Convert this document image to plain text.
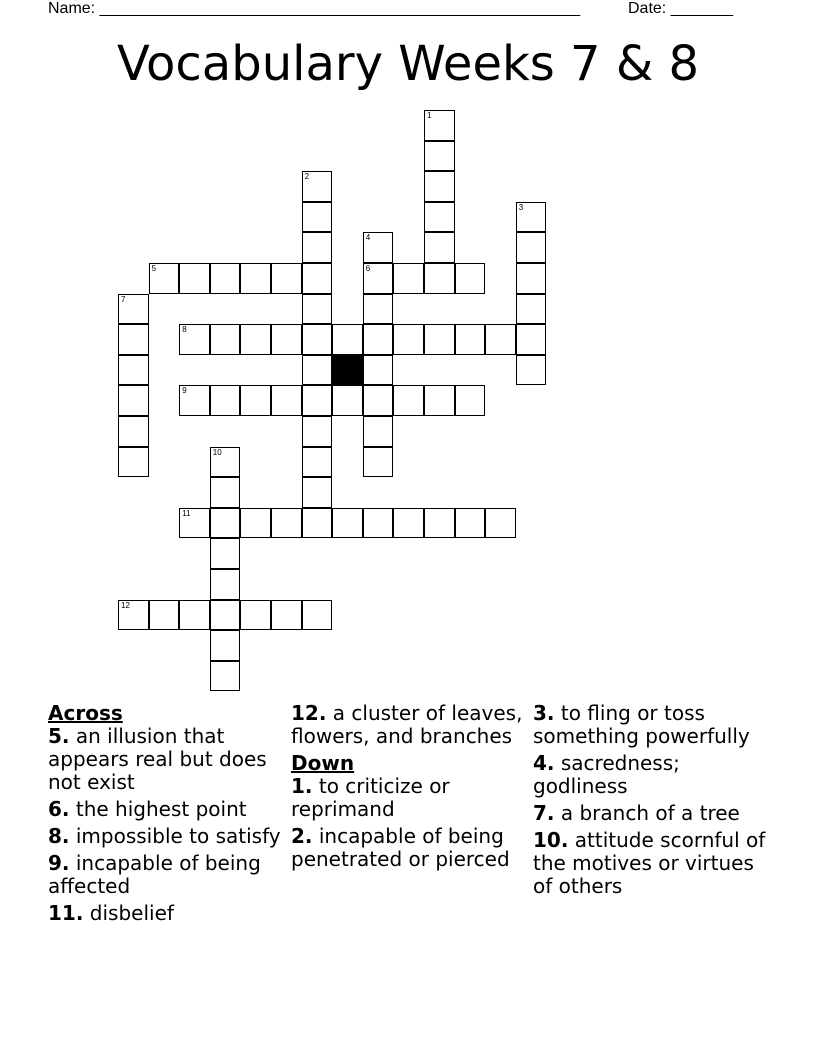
Name: ______________________________________________________	Date: _______
Vocabulary Weeks 7 & 8
1
2
3
4
6
5
7
8
9
10
11
12

Across

5. an illusion that appears real but does not exist

6. the highest point

8. impossible to satisfy

9. incapable of being affected

11. disbelief

12. a cluster of leaves, flowers, and branches

Down

1. to criticize or reprimand

2. incapable of being penetrated or pierced

3. to fling or toss something powerfully

4. sacredness; godliness

7. a branch of a tree

10. attitude scornful of the motives or virtues of others
